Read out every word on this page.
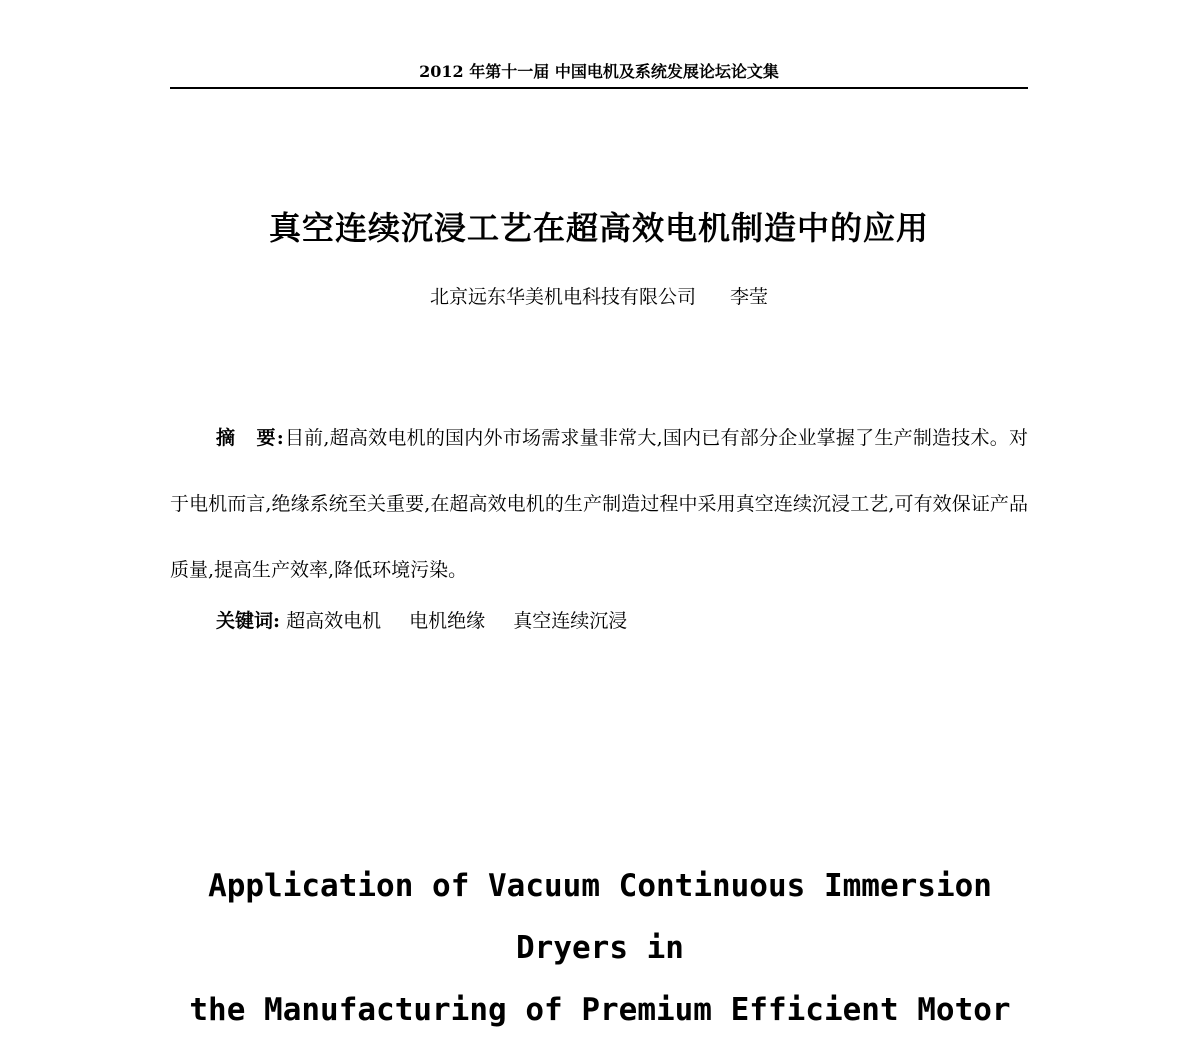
2012 年第十一届 中国电机及系统发展论坛论文集
真空连续沉浸工艺在超高效电机制造中的应用
北京远东华美机电科技有限公司 李莹

摘 要:目前,超高效电机的国内外市场需求量非常大,国内已有部分企业掌握了生产制造技术。对于电机而言,绝缘系统至关重要,在超高效电机的生产制造过程中采用真空连续沉浸工艺,可有效保证产品质量,提高生产效率,降低环境污染。

关键词: 超高效电机 电机绝缘 真空连续沉浸
Application of Vacuum Continuous Immersion Dryers in
the Manufacturing of Premium Efficient Motor
